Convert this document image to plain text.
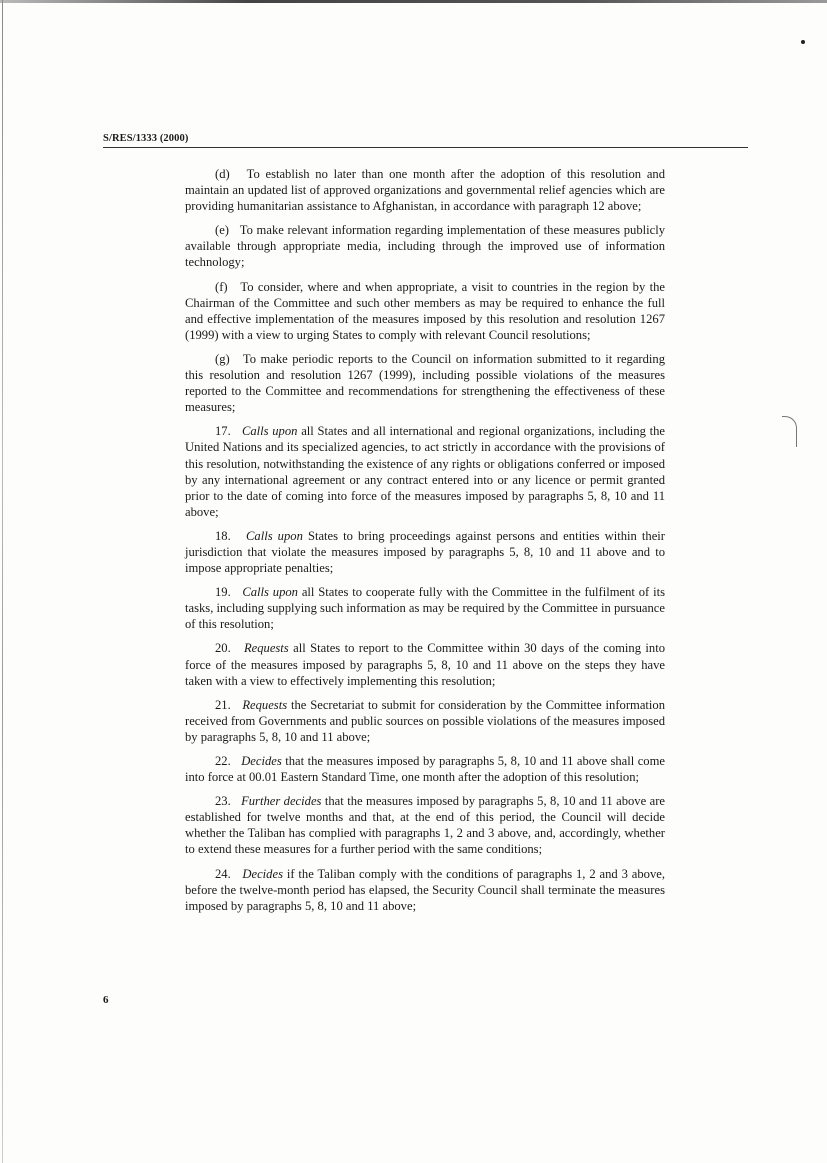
S/RES/1333 (2000)

(d) To establish no later than one month after the adoption of this resolution and maintain an updated list of approved organizations and governmental relief agencies which are providing humanitarian assistance to Afghanistan, in accordance with paragraph 12 above;

(e) To make relevant information regarding implementation of these measures publicly available through appropriate media, including through the improved use of information technology;

(f) To consider, where and when appropriate, a visit to countries in the region by the Chairman of the Committee and such other members as may be required to enhance the full and effective implementation of the measures imposed by this resolution and resolution 1267 (1999) with a view to urging States to comply with relevant Council resolutions;

(g) To make periodic reports to the Council on information submitted to it regarding this resolution and resolution 1267 (1999), including possible violations of the measures reported to the Committee and recommendations for strengthening the effectiveness of these measures;

17. Calls upon all States and all international and regional organizations, including the United Nations and its specialized agencies, to act strictly in accordance with the provisions of this resolution, notwithstanding the existence of any rights or obligations conferred or imposed by any international agreement or any contract entered into or any licence or permit granted prior to the date of coming into force of the measures imposed by paragraphs 5, 8, 10 and 11 above;

18. Calls upon States to bring proceedings against persons and entities within their jurisdiction that violate the measures imposed by paragraphs 5, 8, 10 and 11 above and to impose appropriate penalties;

19. Calls upon all States to cooperate fully with the Committee in the fulfilment of its tasks, including supplying such information as may be required by the Committee in pursuance of this resolution;

20. Requests all States to report to the Committee within 30 days of the coming into force of the measures imposed by paragraphs 5, 8, 10 and 11 above on the steps they have taken with a view to effectively implementing this resolution;

21. Requests the Secretariat to submit for consideration by the Committee information received from Governments and public sources on possible violations of the measures imposed by paragraphs 5, 8, 10 and 11 above;

22. Decides that the measures imposed by paragraphs 5, 8, 10 and 11 above shall come into force at 00.01 Eastern Standard Time, one month after the adoption of this resolution;

23. Further decides that the measures imposed by paragraphs 5, 8, 10 and 11 above are established for twelve months and that, at the end of this period, the Council will decide whether the Taliban has complied with paragraphs 1, 2 and 3 above, and, accordingly, whether to extend these measures for a further period with the same conditions;

24. Decides if the Taliban comply with the conditions of paragraphs 1, 2 and 3 above, before the twelve-month period has elapsed, the Security Council shall terminate the measures imposed by paragraphs 5, 8, 10 and 11 above;

6
